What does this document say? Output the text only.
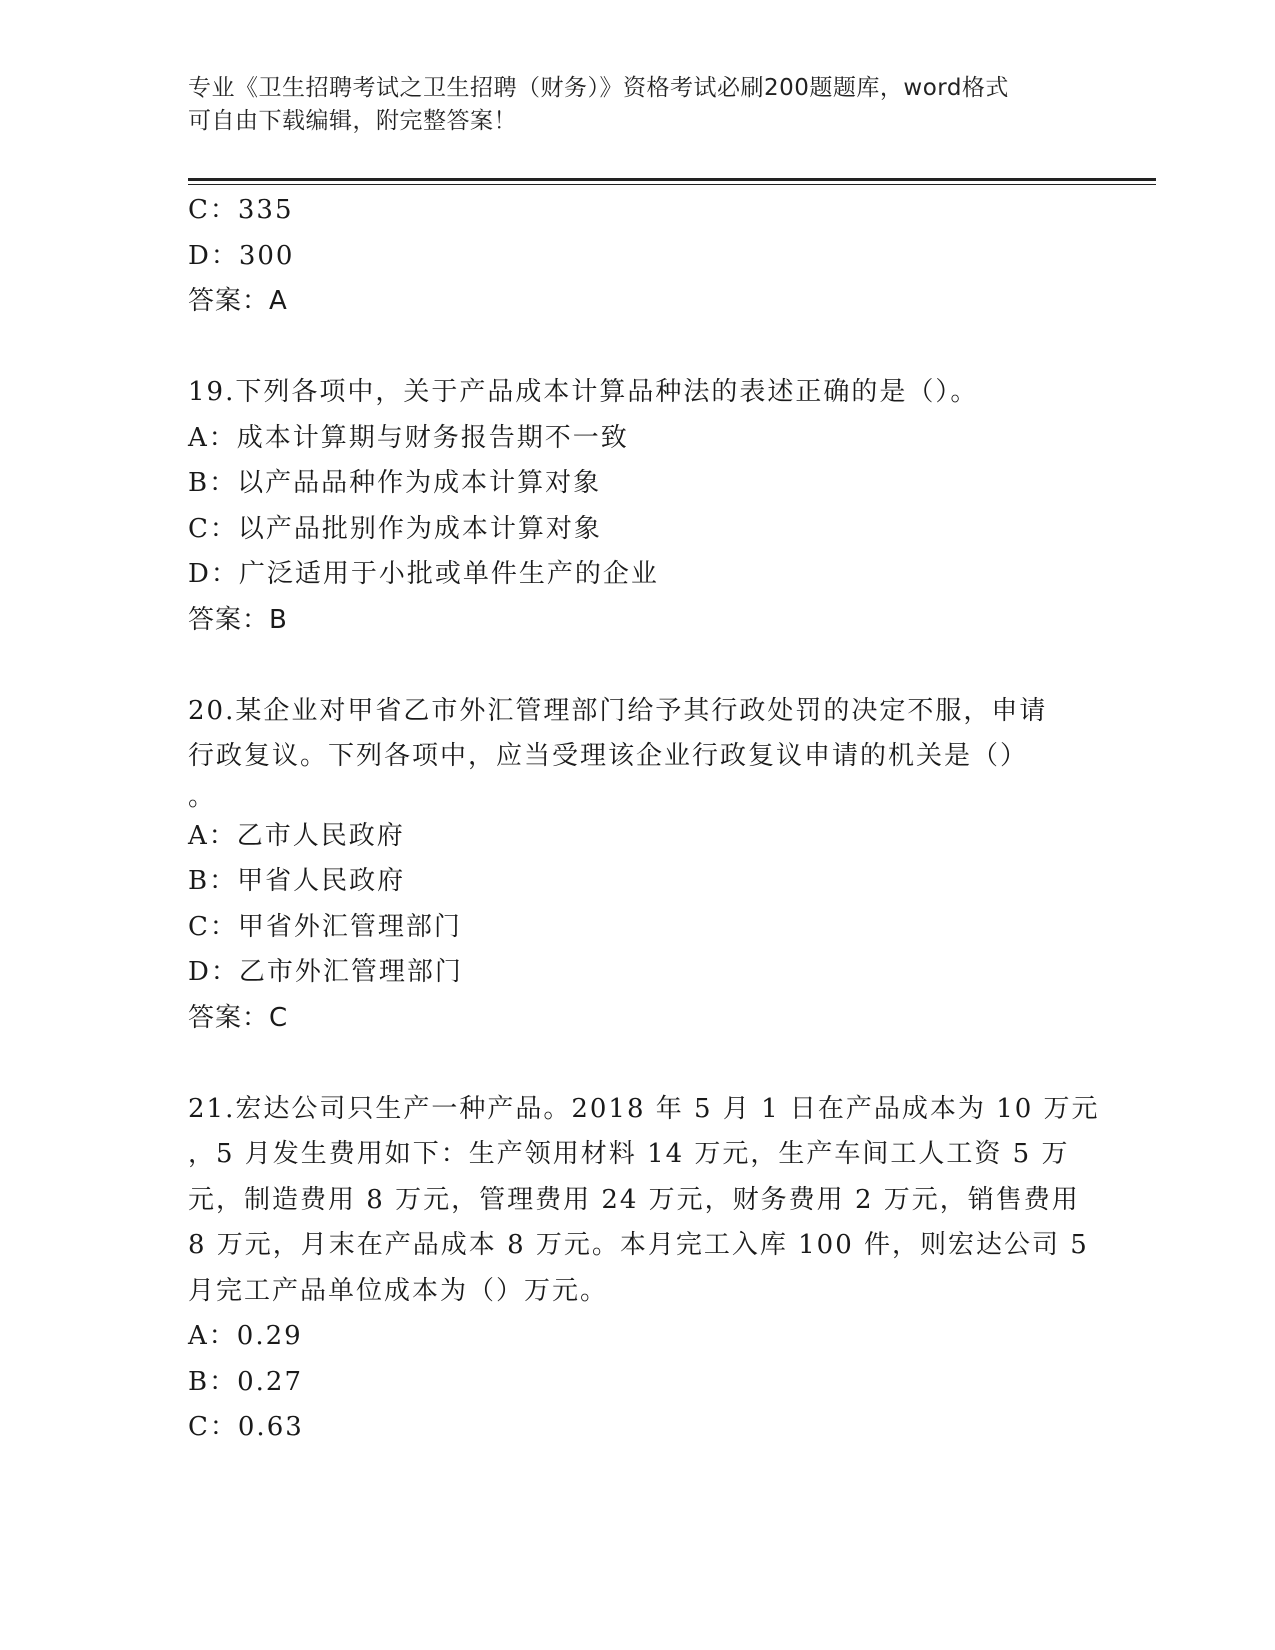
专业《卫生招聘考试之卫生招聘（财务）》资格考试必刷200题题库，word格式
可自由下载编辑，附完整答案！
C：335
D：300
答案：A
19.下列各项中，关于产品成本计算品种法的表述正确的是（）。
A：成本计算期与财务报告期不一致
B：以产品品种作为成本计算对象
C：以产品批别作为成本计算对象
D：广泛适用于小批或单件生产的企业
答案：B
20.某企业对甲省乙市外汇管理部门给予其行政处罚的决定不服，申请
行政复议。下列各项中，应当受理该企业行政复议申请的机关是（）
。
A：乙市人民政府
B：甲省人民政府
C：甲省外汇管理部门
D：乙市外汇管理部门
答案：C
21.宏达公司只生产一种产品。2018 年 5 月 1 日在产品成本为 10 万元
，5 月发生费用如下：生产领用材料 14 万元，生产车间工人工资 5 万
元，制造费用 8 万元，管理费用 24 万元，财务费用 2 万元，销售费用
8 万元，月末在产品成本 8 万元。本月完工入库 100 件，则宏达公司 5
月完工产品单位成本为（）万元。
A：0.29
B：0.27
C：0.63
